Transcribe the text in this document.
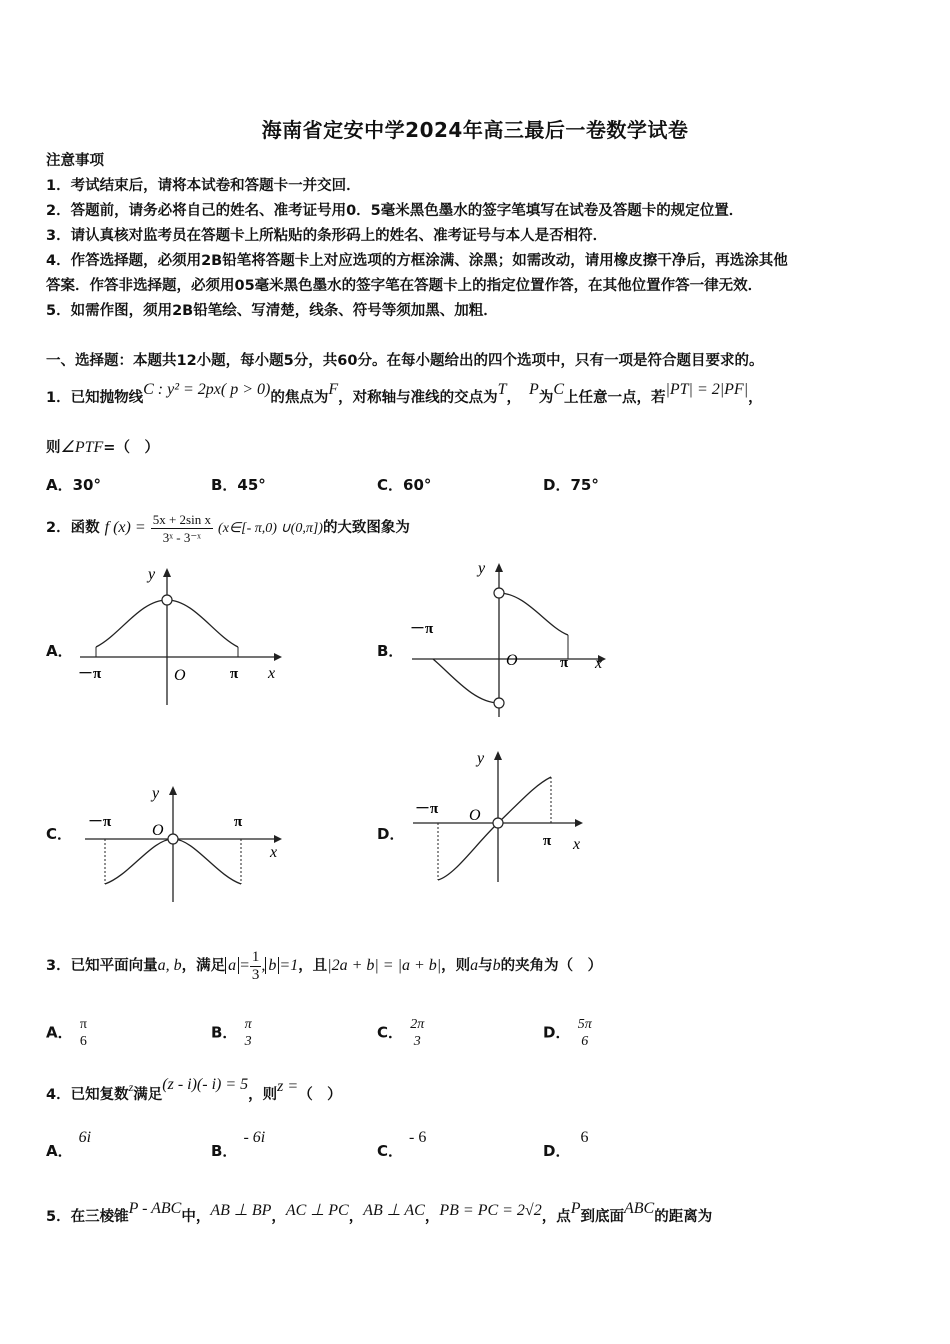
海南省定安中学2024年高三最后一卷数学试卷
注意事项
1．考试结束后，请将本试卷和答题卡一并交回．
2．答题前，请务必将自己的姓名、准考证号用0．5毫米黑色墨水的签字笔填写在试卷及答题卡的规定位置．
3．请认真核对监考员在答题卡上所粘贴的条形码上的姓名、准考证号与本人是否相符．
4．作答选择题，必须用2B铅笔将答题卡上对应选项的方框涂满、涂黑；如需改动，请用橡皮擦干净后，再选涂其他
答案．作答非选择题，必须用05毫米黑色墨水的签字笔在答题卡上的指定位置作答，在其他位置作答一律无效．
5．如需作图，须用2B铅笔绘、写清楚，线条、符号等须加黑、加粗．
一、选择题：本题共12小题，每小题5分，共60分。在每小题给出的四个选项中，只有一项是符合题目要求的。
1．已知抛物线C : y² = 2px( p > 0)的焦点为F，对称轴与准线的交点为T， P为C上任意一点，若|PT| = 2|PF|，
则∠PTF=（　）
A．30°	B．45°	C．60°	D．75°
2．函数 f $(x) = \frac{\text{5x + 2sin x}}{\text{3ˣ - 3⁻ˣ}}$ (x∈[- π,0) ∪(0,π])的大致图象为
A．	B．
C．	D．
y
x
O
－π	π
y
x
O
－π
π
y
x
O
－π	π
y
x
O
－π
π
3．已知平面向量a, b，满足 $a = \frac{1}{3}$ , b =1，且|2a + b| = |a + b|，则a与b的夹角为（　）
A． π
6	B． π
3	C． 2π
3	D． 5π
6
4．已知复数$^z$满足(z - i)(- i) = 5，则z =（　）
A．6i
B．- 6i
C．- 6
D．6
5．在三棱锥P - ABC中，AB ⊥ BP，AC ⊥ PC，AB ⊥ AC，PB = PC = 2√2，点P到底面ABC的距离为
